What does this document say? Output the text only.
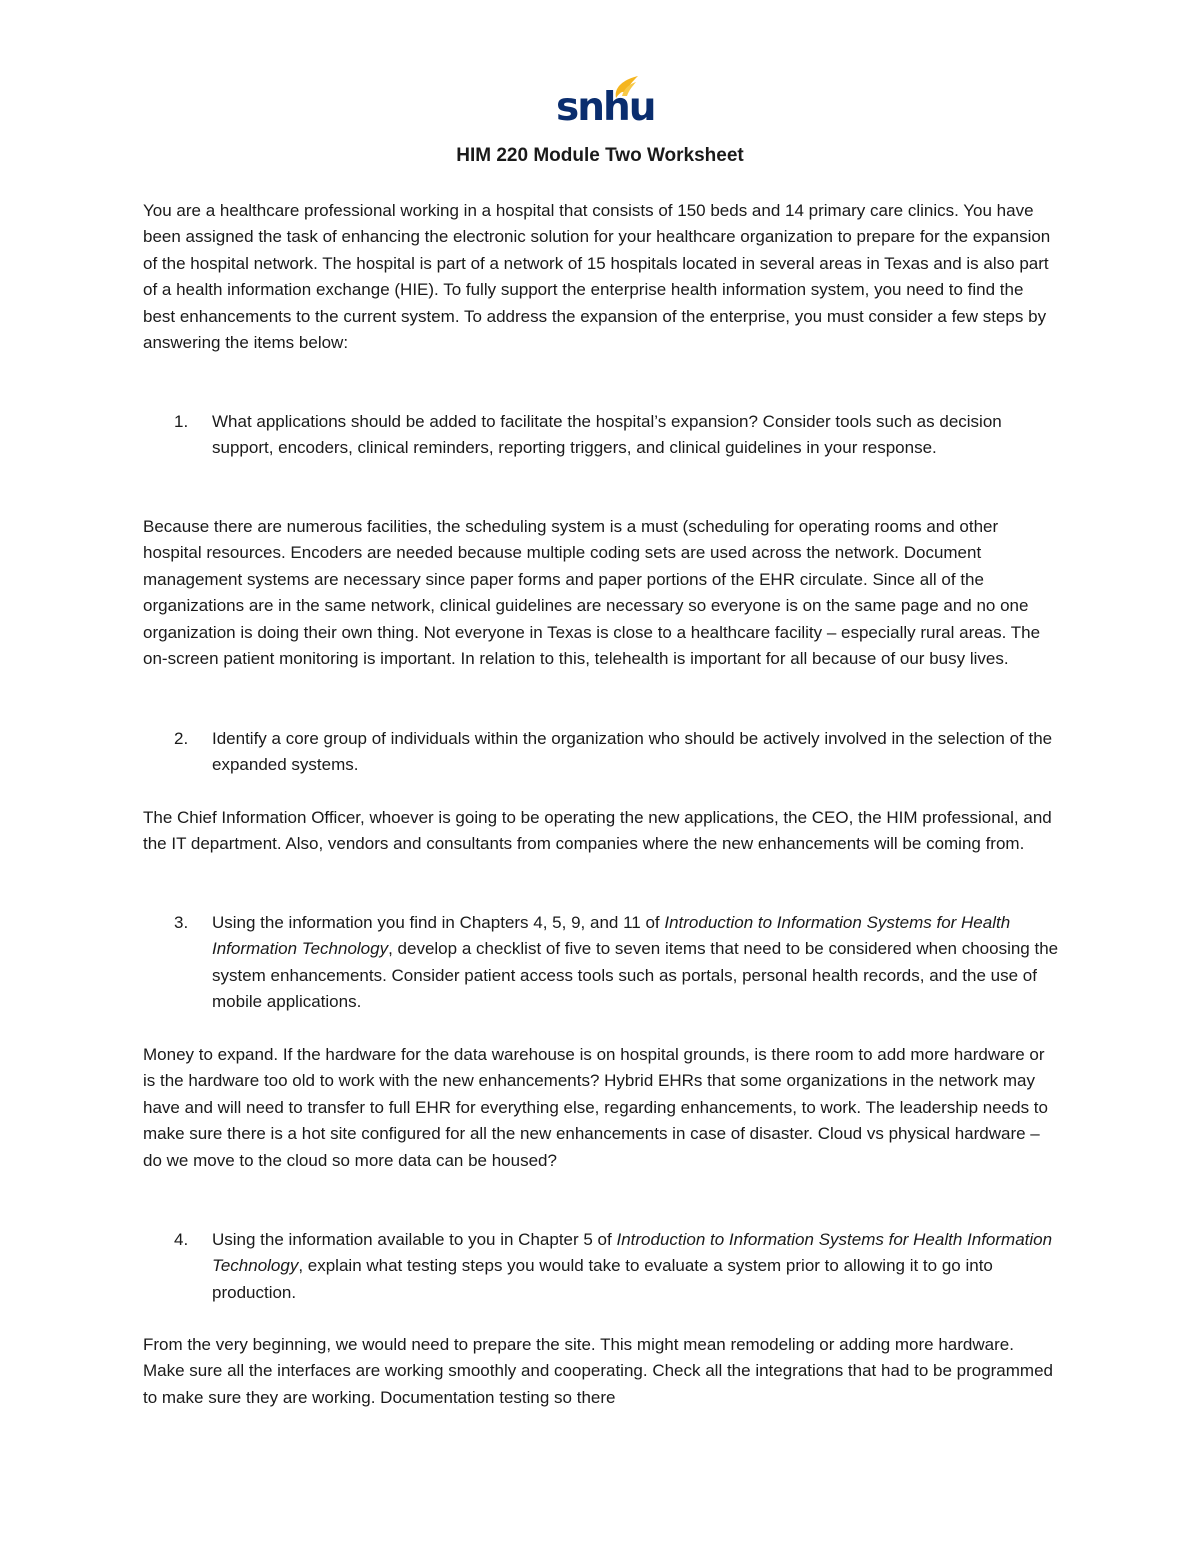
snhu
HIM 220 Module Two Worksheet

You are a healthcare professional working in a hospital that consists of 150 beds and 14 primary care clinics. You have been assigned the task of enhancing the electronic solution for your healthcare organization to prepare for the expansion of the hospital network. The hospital is part of a network of 15 hospitals located in several areas in Texas and is also part of a health information exchange (HIE). To fully support the enterprise health information system, you need to find the best enhancements to the current system. To address the expansion of the enterprise, you must consider a few steps by answering the items below:

1. What applications should be added to facilitate the hospital’s expansion? Consider tools such as decision support, encoders, clinical reminders, reporting triggers, and clinical guidelines in your response.

Because there are numerous facilities, the scheduling system is a must (scheduling for operating rooms and other hospital resources. Encoders are needed because multiple coding sets are used across the network. Document management systems are necessary since paper forms and paper portions of the EHR circulate. Since all of the organizations are in the same network, clinical guidelines are necessary so everyone is on the same page and no one organization is doing their own thing. Not everyone in Texas is close to a healthcare facility – especially rural areas. The on-screen patient monitoring is important. In relation to this, telehealth is important for all because of our busy lives.

2. Identify a core group of individuals within the organization who should be actively involved in the selection of the expanded systems.

The Chief Information Officer, whoever is going to be operating the new applications, the CEO, the HIM professional, and the IT department. Also, vendors and consultants from companies where the new enhancements will be coming from.

3. Using the information you find in Chapters 4, 5, 9, and 11 of Introduction to Information Systems for Health Information Technology, develop a checklist of five to seven items that need to be considered when choosing the system enhancements. Consider patient access tools such as portals, personal health records, and the use of mobile applications.

Money to expand. If the hardware for the data warehouse is on hospital grounds, is there room to add more hardware or is the hardware too old to work with the new enhancements? Hybrid EHRs that some organizations in the network may have and will need to transfer to full EHR for everything else, regarding enhancements, to work. The leadership needs to make sure there is a hot site configured for all the new enhancements in case of disaster. Cloud vs physical hardware – do we move to the cloud so more data can be housed?

4. Using the information available to you in Chapter 5 of Introduction to Information Systems for Health Information Technology, explain what testing steps you would take to evaluate a system prior to allowing it to go into production.

From the very beginning, we would need to prepare the site. This might mean remodeling or adding more hardware. Make sure all the interfaces are working smoothly and cooperating. Check all the integrations that had to be programmed to make sure they are working. Documentation testing so there
